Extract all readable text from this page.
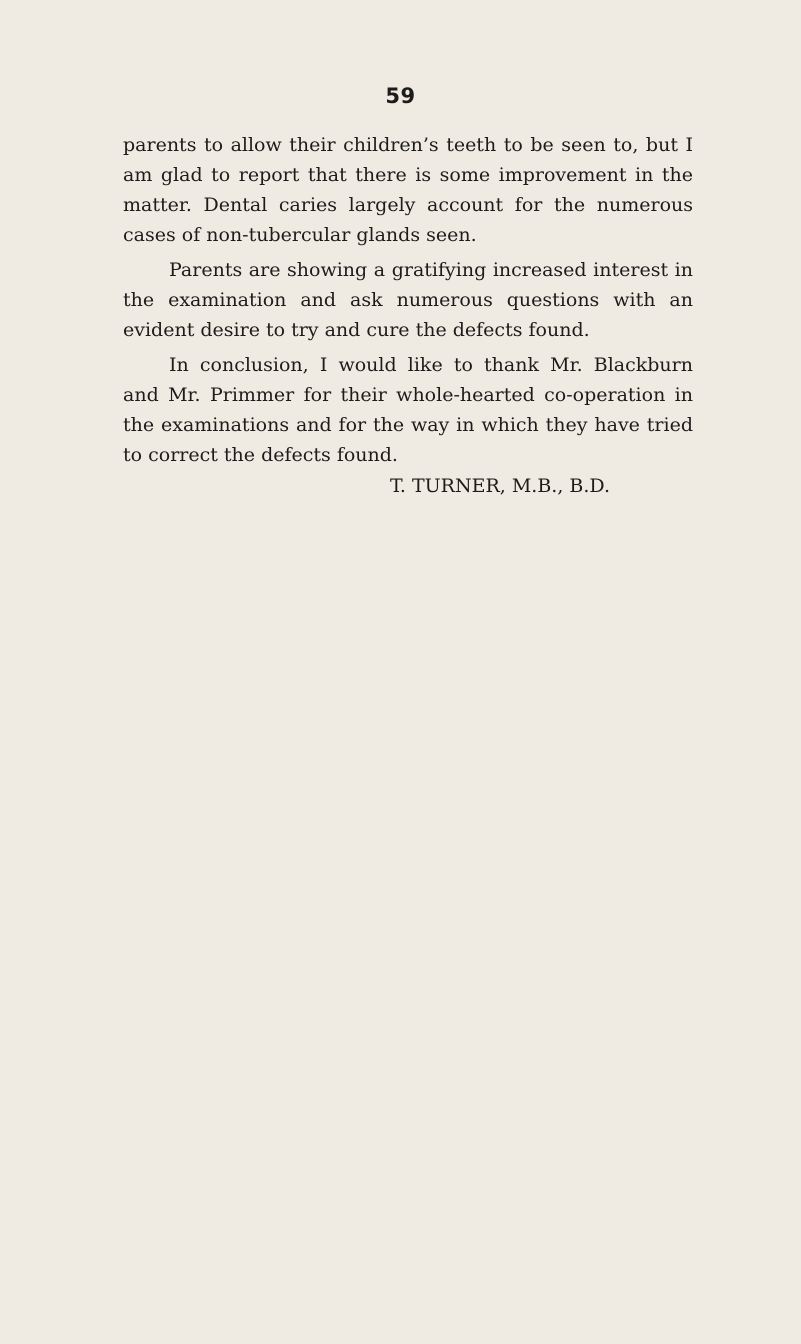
59

parents to allow their children’s teeth to be seen to, but I am glad to report that there is some improvement in the matter. Dental caries largely account for the numerous cases of non-tubercular glands seen.

Parents are showing a gratifying increased interest in the examination and ask numerous questions with an evident desire to try and cure the defects found.

In conclusion, I would like to thank Mr. Blackburn and Mr. Primmer for their whole-hearted co-operation in the examinations and for the way in which they have tried to correct the defects found.

T. TURNER, M.B., B.D.
